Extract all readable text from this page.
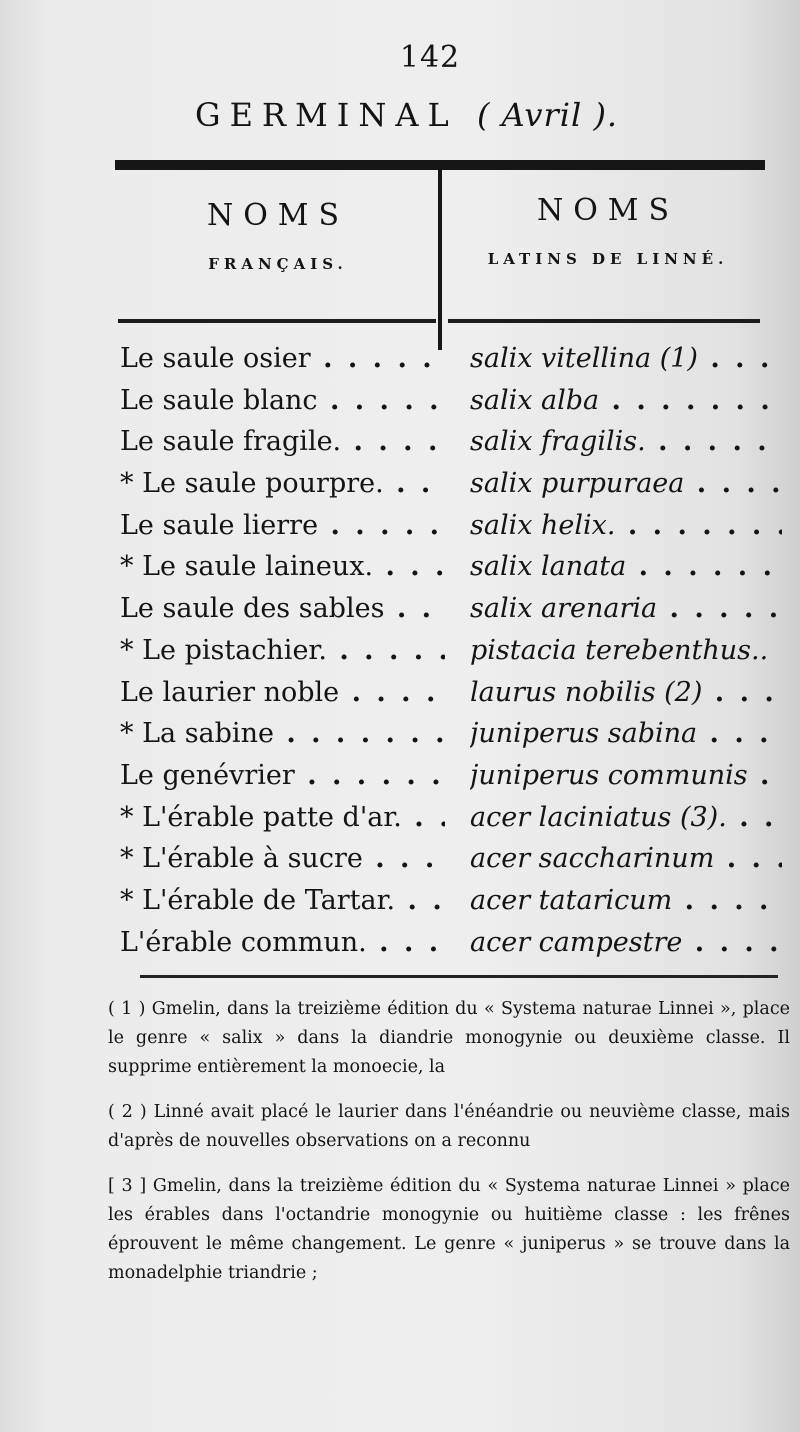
142
GERMINAL ( Avril ).
NOMS
FRANÇAIS.
NOMS
LATINS DE LINNÉ.
Le saule osier . . .	salix vitellina (1) . . .
Le saule blanc . . .	salix alba . . .
Le saule fragile. . . .	salix fragilis. . . .
* Le saule pourpre. . . .	salix purpuraea . . .
Le saule lierre . . .	salix helix. . . .
* Le saule laineux. . . .	salix lanata . . .
Le saule des sables . . .	salix arenaria . . .
* Le pistachier. . . .	pistacia terebenthus.. . . .
Le laurier noble . . .	laurus nobilis (2) . . .
* La sabine . . .	juniperus sabina . . .
Le genévrier . . .	juniperus communis . . .
* L'érable patte d'ar. . . .	acer laciniatus (3). . . .
* L'érable à sucre . . .	acer saccharinum . . .
* L'érable de Tartar. . . .	acer tataricum . . .
L'érable commun. . . .	acer campestre . . .

( 1 ) Gmelin, dans la treizième édition du « Systema naturae Linnei », place le genre « salix » dans la diandrie monogynie ou deuxième classe. Il supprime entièrement la monoecie, la

( 2 ) Linné avait placé le laurier dans l'énéandrie ou neuvième classe, mais d'après de nouvelles observations on a reconnu

[ 3 ] Gmelin, dans la treizième édition du « Systema naturae Linnei » place les érables dans l'octandrie monogynie ou huitième classe : les frênes éprouvent le même changement. Le genre « juniperus » se trouve dans la monadelphie triandrie ;
